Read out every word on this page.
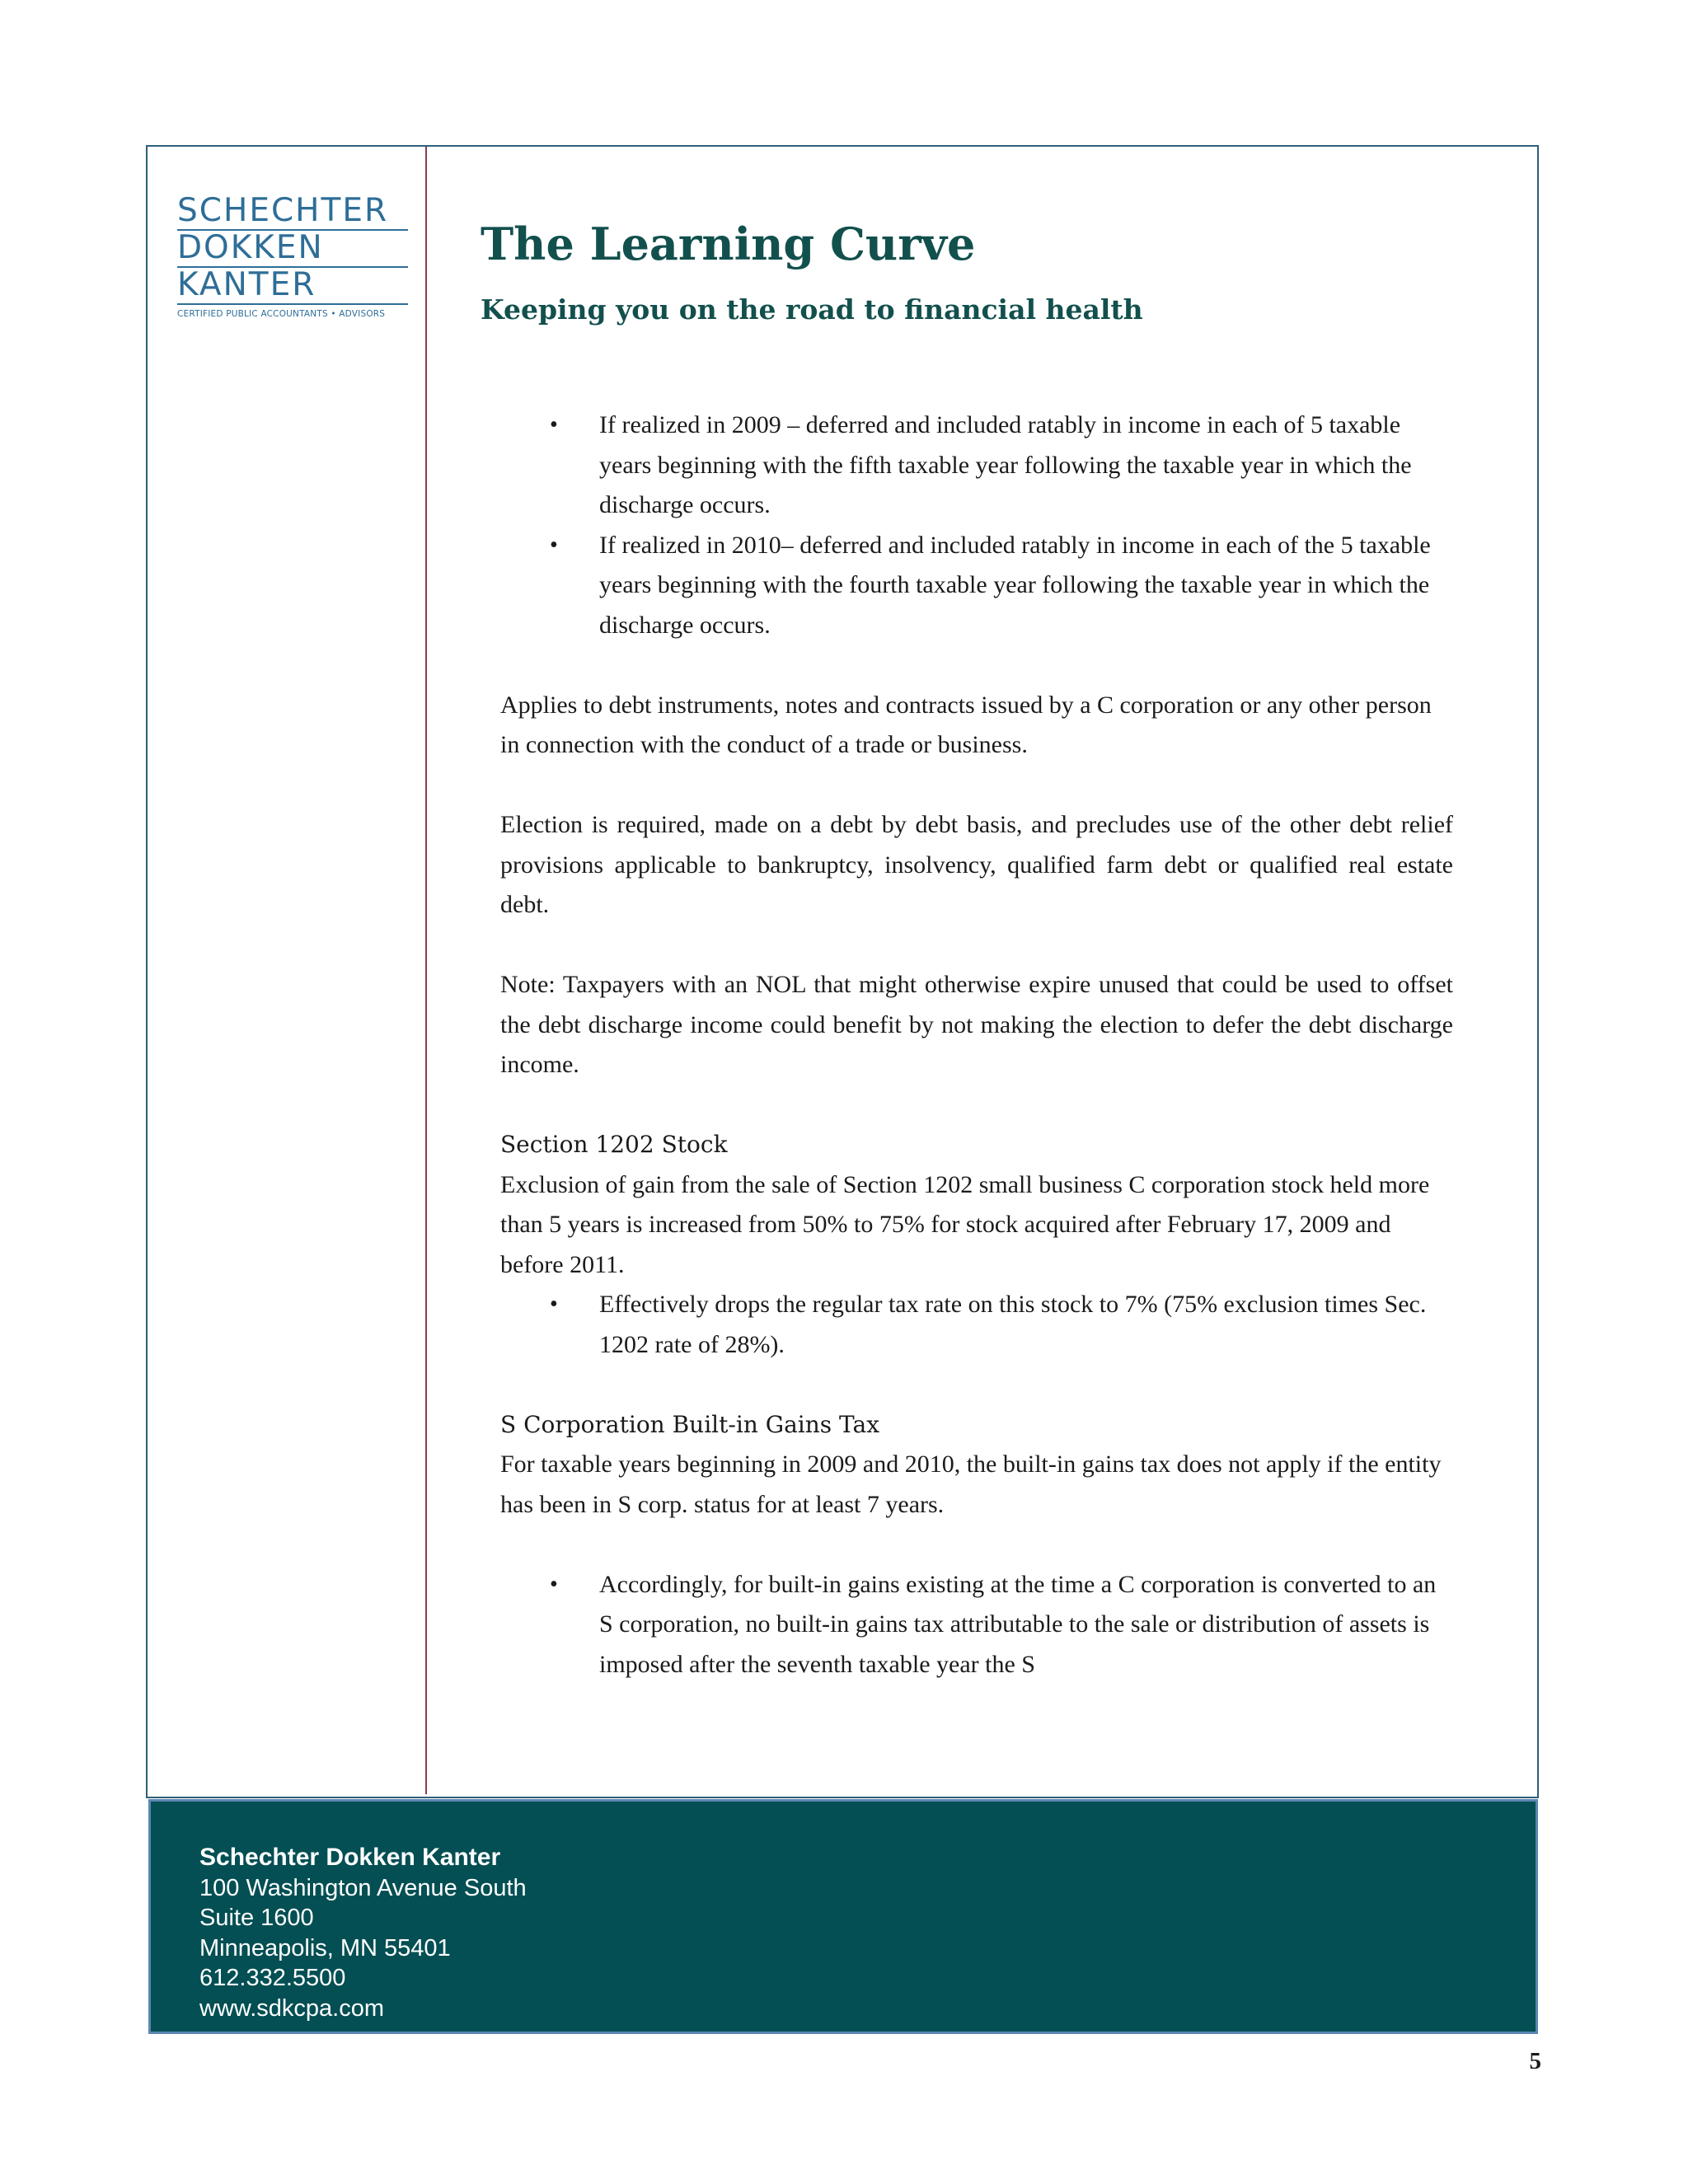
SCHECHTER
DOKKEN
KANTER
CERTIFIED PUBLIC ACCOUNTANTS • ADVISORS
The Learning Curve
Keeping you on the road to financial health
• If realized in 2009 – deferred and included ratably in income in each of 5 taxable years beginning with the fifth taxable year following the taxable year in which the discharge occurs.
• If realized in 2010– deferred and included ratably in income in each of the 5 taxable years beginning with the fourth taxable year following the taxable year in which the discharge occurs.

Applies to debt instruments, notes and contracts issued by a C corporation or any other person in connection with the conduct of a trade or business.

Election is required, made on a debt by debt basis, and precludes use of the other debt relief provisions applicable to bankruptcy, insolvency, qualified farm debt or qualified real estate debt.

Note: Taxpayers with an NOL that might otherwise expire unused that could be used to offset the debt discharge income could benefit by not making the election to defer the debt discharge income.

Section 1202 Stock

Exclusion of gain from the sale of Section 1202 small business C corporation stock held more than 5 years is increased from 50% to 75% for stock acquired after February 17, 2009 and before 2011.

• Effectively drops the regular tax rate on this stock to 7% (75% exclusion times Sec. 1202 rate of 28%).

S Corporation Built-in Gains Tax

For taxable years beginning in 2009 and 2010, the built-in gains tax does not apply if the entity has been in S corp. status for at least 7 years.

• Accordingly, for built-in gains existing at the time a C corporation is converted to an S corporation, no built-in gains tax attributable to the sale or distribution of assets is imposed after the seventh taxable year the S
Schechter Dokken Kanter
100 Washington Avenue South
Suite 1600
Minneapolis, MN 55401
612.332.5500
www.sdkcpa.com
5
